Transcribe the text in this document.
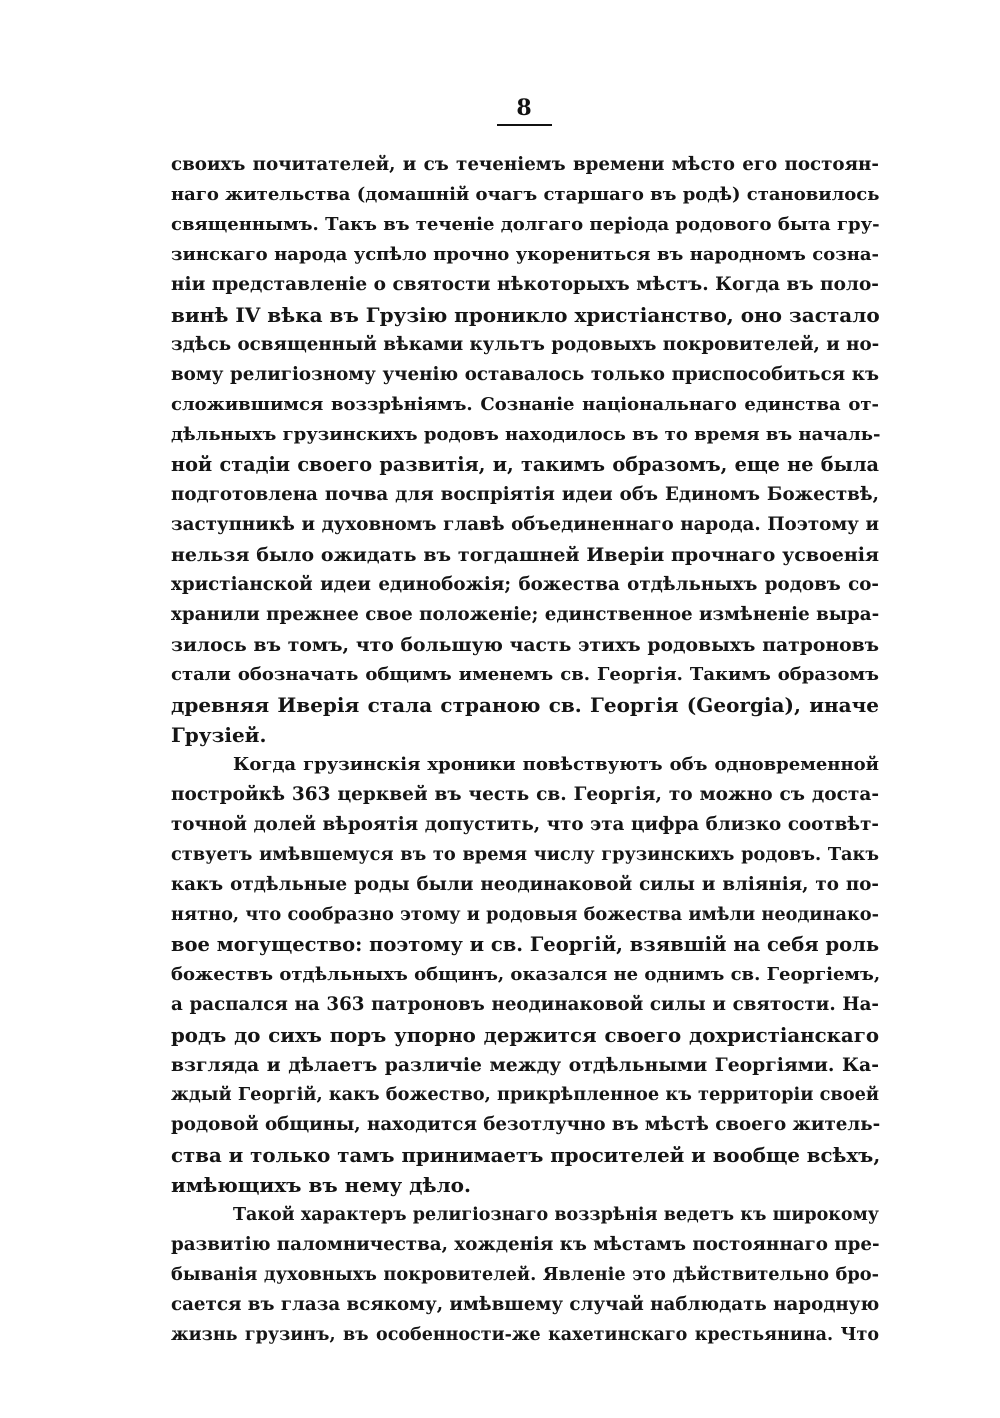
8
своихъ почитателей, и съ теченіемъ времени мѣсто его постоян-
наго жительства (домашній очагъ старшаго въ родѣ) становилось
священнымъ. Такъ въ теченіе долгаго періода родового быта гру-
зинскаго народа успѣло прочно укорениться въ народномъ созна-
ніи представленіе о святости нѣкоторыхъ мѣстъ. Когда въ поло-
винѣ IV вѣка въ Грузію проникло христіанство, оно застало
здѣсь освященный вѣками культъ родовыхъ покровителей, и но-
вому религіозному ученію оставалось только приспособиться къ
сложившимся воззрѣніямъ. Сознаніе національнаго единства от-
дѣльныхъ грузинскихъ родовъ находилось въ то время въ началь-
ной стадіи своего развитія, и, такимъ образомъ, еще не была
подготовлена почва для воспріятія идеи объ Единомъ Божествѣ,
заступникѣ и духовномъ главѣ объединеннаго народа. Поэтому и
нельзя было ожидать въ тогдашней Иверіи прочнаго усвоенія
христіанской идеи единобожія; божества отдѣльныхъ родовъ со-
хранили прежнее свое положеніе; единственное измѣненіе выра-
зилось въ томъ, что большую часть этихъ родовыхъ патроновъ
стали обозначать общимъ именемъ св. Георгія. Такимъ образомъ
древняя Иверія стала страною св. Георгія (Georgia), иначе
Грузіей.
Когда грузинскія хроники повѣствуютъ объ одновременной
постройкѣ 363 церквей въ честь св. Георгія, то можно съ доста-
точной долей вѣроятія допустить, что эта цифра близко соотвѣт-
ствуетъ имѣвшемуся въ то время числу грузинскихъ родовъ. Такъ
какъ отдѣльные роды были неодинаковой силы и вліянія, то по-
нятно, что сообразно этому и родовыя божества имѣли неодинако-
вое могущество: поэтому и св. Георгій, взявшій на себя роль
божествъ отдѣльныхъ общинъ, оказался не однимъ св. Георгіемъ,
а распался на 363 патроновъ неодинаковой силы и святости. На-
родъ до сихъ поръ упорно держится своего дохристіанскаго
взгляда и дѣлаетъ различіе между отдѣльными Георгіями. Ка-
ждый Георгій, какъ божество, прикрѣпленное къ территоріи своей
родовой общины, находится безотлучно въ мѣстѣ своего житель-
ства и только тамъ принимаетъ просителей и вообще всѣхъ,
имѣющихъ въ нему дѣло.
Такой характеръ религіознаго воззрѣнія ведетъ къ широкому
развитію паломничества, хожденія къ мѣстамъ постояннаго пре-
быванія духовныхъ покровителей. Явленіе это дѣйствительно бро-
сается въ глаза всякому, имѣвшему случай наблюдать народную
жизнь грузинъ, въ особенности-же кахетинскаго крестьянина. Что
